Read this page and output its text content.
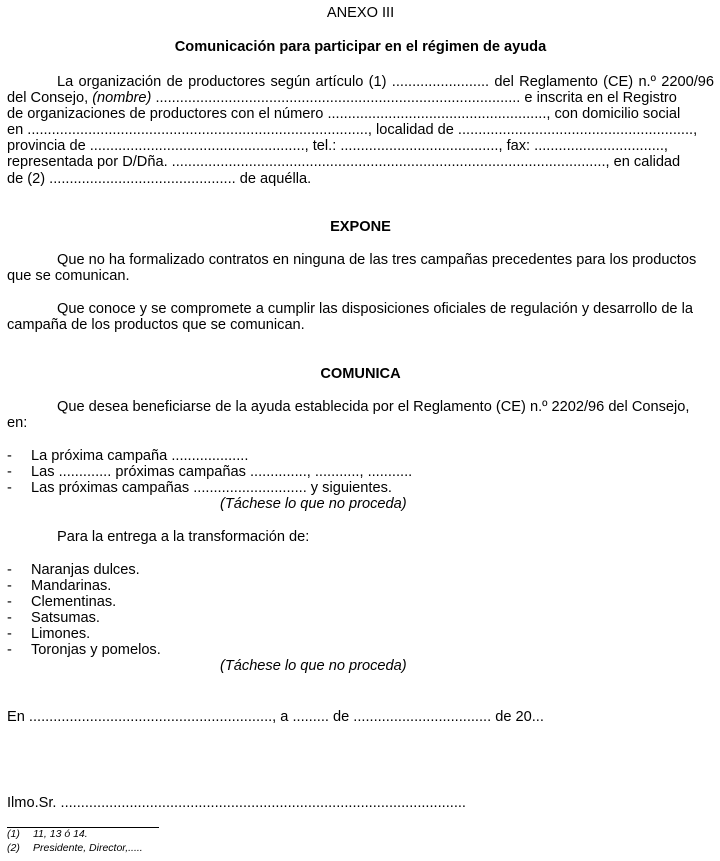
ANEXO III
Comunicación para participar en el régimen de ayuda
La organización de productores según artículo (1) ........................ del Reglamento (CE) n.º 2200/96
del Consejo, (nombre) .......................................................................................... e inscrita en el Registro
de organizaciones de productores con el número ......................................................, con domicilio social
en ...................................................................................., localidad de ..........................................................,
provincia de ....................................................., tel.: ......................................., fax: ................................,
representada por D/Dña. ..........................................................................................................., en calidad
de (2) .............................................. de aquélla.
EXPONE
Que no ha formalizado contratos en ninguna de las tres campañas precedentes para los productos
que se comunican.
Que conoce y se compromete a cumplir las disposiciones oficiales de regulación y desarrollo de la
campaña de los productos que se comunican.
COMUNICA
Que desea beneficiarse de la ayuda establecida por el Reglamento (CE) n.º 2202/96 del Consejo,
en:
- La próxima campaña ...................
- Las ............. próximas campañas .............., ..........., ...........
- Las próximas campañas ............................ y siguientes.
(Táchese lo que no proceda)
Para la entrega a la transformación de:
- Naranjas dulces.
- Mandarinas.
- Clementinas.
- Satsumas.
- Limones.
- Toronjas y pomelos.
(Táchese lo que no proceda)
En ............................................................, a ......... de .................................. de 20...
Ilmo.Sr. ....................................................................................................
(1) 11, 13 ó 14.
(2) Presidente, Director,.....
